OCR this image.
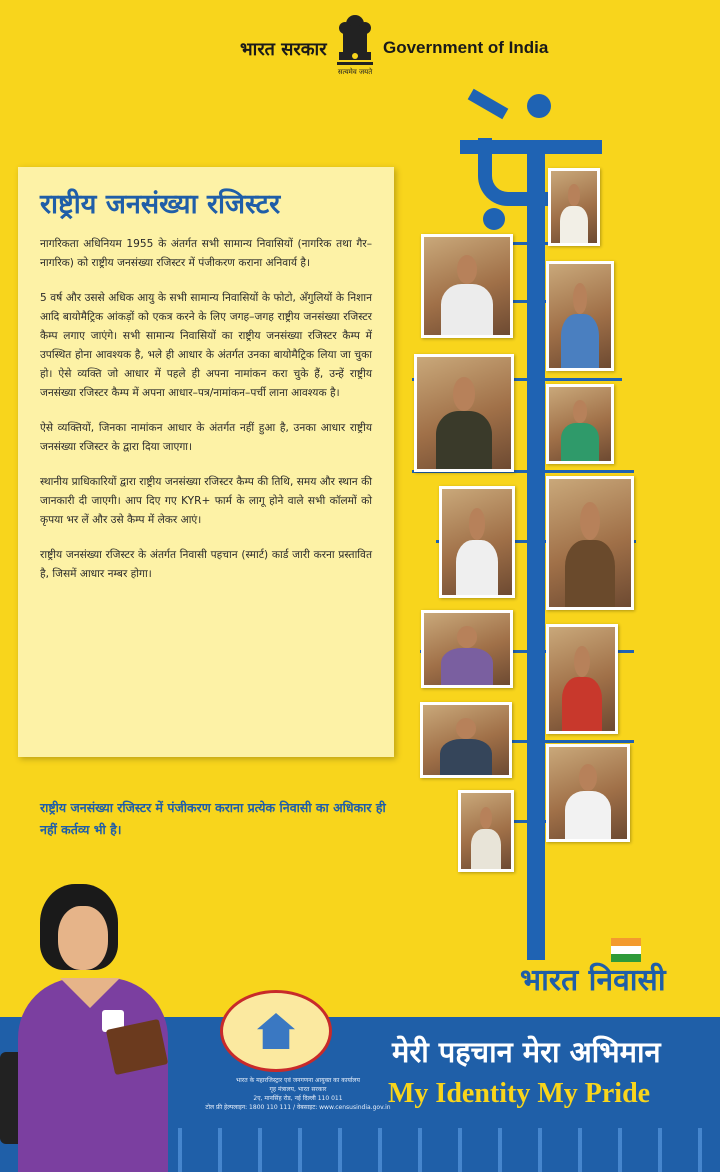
भारत सरकार
सत्यमेव जयते
Government of India
राष्ट्रीय जनसंख्या रजिस्टर

नागरिकता अधिनियम 1955 के अंतर्गत सभी सामान्य निवासियों (नागरिक तथा गैर–नागरिक) को राष्ट्रीय जनसंख्या रजिस्टर में पंजीकरण कराना अनिवार्य है।

5 वर्ष और उससे अधिक आयु के सभी सामान्य निवासियों के फोटो, अँगुलियों के निशान आदि बायोमैट्रिक आंकड़ों को एकत्र करने के लिए जगह–जगह राष्ट्रीय जनसंख्या रजिस्टर कैम्प लगाए जाएंगे। सभी सामान्य निवासियों का राष्ट्रीय जनसंख्या रजिस्टर कैम्प में उपस्थित होना आवश्यक है, भले ही आधार के अंतर्गत उनका बायोमैट्रिक लिया जा चुका हो। ऐसे व्यक्ति जो आधार में पहले ही अपना नामांकन करा चुके हैं, उन्हें राष्ट्रीय जनसंख्या रजिस्टर कैम्प में अपना आधार–पत्र/नामांकन–पर्ची लाना आवश्यक है।

ऐसे व्यक्तियों, जिनका नामांकन आधार के अंतर्गत नहीं हुआ है, उनका आधार राष्ट्रीय जनसंख्या रजिस्टर के द्वारा दिया जाएगा।

स्थानीय प्राधिकारियों द्वारा राष्ट्रीय जनसंख्या रजिस्टर कैम्प की तिथि, समय और स्थान की जानकारी दी जाएगी। आप दिए गए KYR+ फार्म के लागू होने वाले सभी कॉलमों को कृपया भर लें और उसे कैम्प में लेकर आएं।

राष्ट्रीय जनसंख्या रजिस्टर के अंतर्गत निवासी पहचान (स्मार्ट) कार्ड जारी करना प्रस्तावित है, जिसमें आधार नम्बर होगा।

राष्ट्रीय जनसंख्या रजिस्टर में पंजीकरण कराना प्रत्येक निवासी का अधिकार ही नहीं कर्तव्य भी है।
भारत निवासी
मेरी पहचान मेरा अभिमान
My Identity My Pride
भारत के महारजिस्ट्रार एवं जनगणना आयुक्त का कार्यालय
गृह मंत्रालय, भारत सरकार
2ए, मानसिंह रोड, नई दिल्ली 110 011
टोल फ्री हेल्पलाइन: 1800 110 111 / वेबसाइट: www.censusindia.gov.in
